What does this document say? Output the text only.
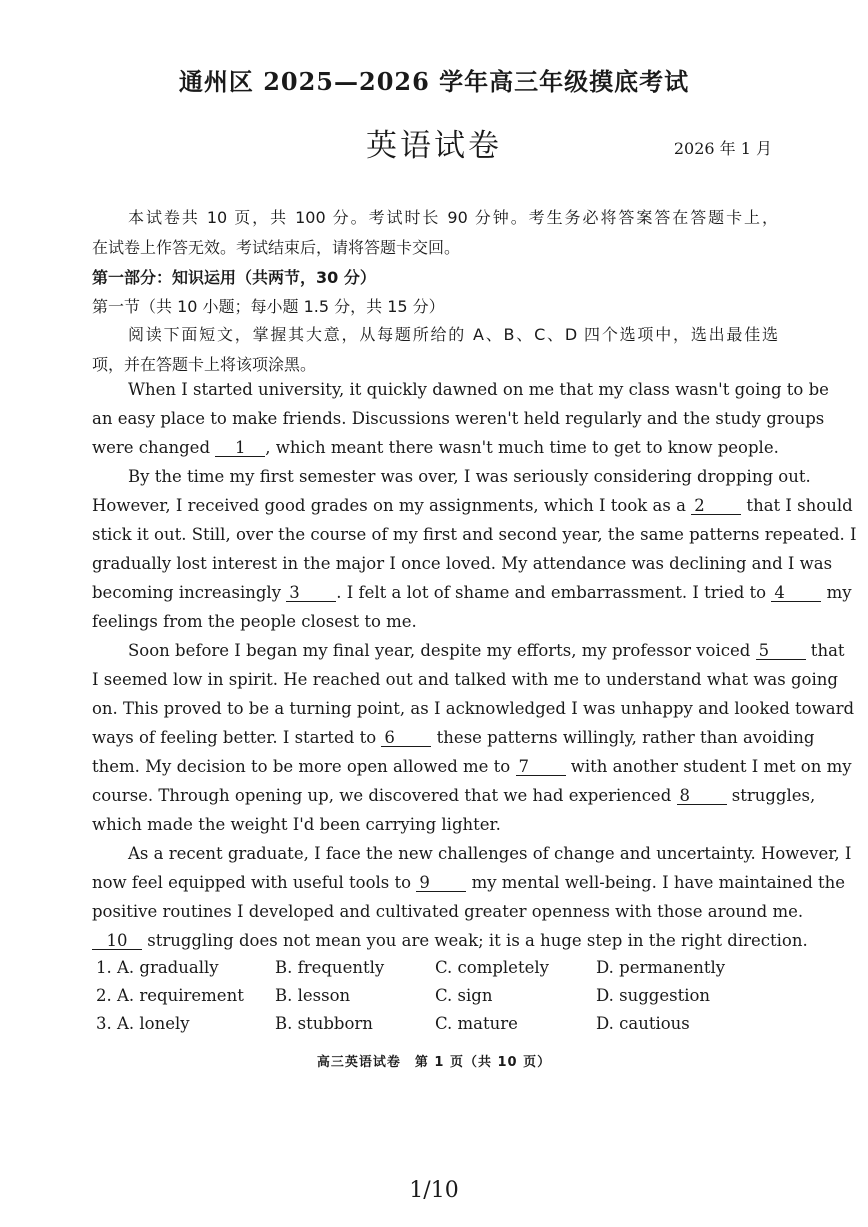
通州区 2025—2026 学年高三年级摸底考试
英语试卷	2026 年 1 月
本试卷共 10 页，共 100 分。考试时长 90 分钟。考生务必将答案答在答题卡上，
在试卷上作答无效。考试结束后，请将答题卡交回。
第一部分：知识运用（共两节，30 分）
第一节（共 10 小题；每小题 1.5 分，共 15 分）
阅读下面短文，掌握其大意，从每题所给的 A、B、C、D 四个选项中，选出最佳选
项，并在答题卡上将该项涂黑。
When I started university, it quickly dawned on me that my class wasn't going to be
an easy place to make friends. Discussions weren't held regularly and the study groups
were changed 1 , which meant there wasn't much time to get to know people.
By the time my first semester was over, I was seriously considering dropping out.
However, I received good grades on my assignments, which I took as a 2 that I should
stick it out. Still, over the course of my first and second year, the same patterns repeated. I
gradually lost interest in the major I once loved. My attendance was declining and I was
becoming increasingly 3 . I felt a lot of shame and embarrassment. I tried to 4 my
feelings from the people closest to me.
Soon before I began my final year, despite my efforts, my professor voiced 5 that
I seemed low in spirit. He reached out and talked with me to understand what was going
on. This proved to be a turning point, as I acknowledged I was unhappy and looked toward
ways of feeling better. I started to 6 these patterns willingly, rather than avoiding
them. My decision to be more open allowed me to 7 with another student I met on my
course. Through opening up, we discovered that we had experienced 8 struggles,
which made the weight I'd been carrying lighter.
As a recent graduate, I face the new challenges of change and uncertainty. However, I
now feel equipped with useful tools to 9 my mental well-being. I have maintained the
positive routines I developed and cultivated greater openness with those around me.
10 struggling does not mean you are weak; it is a huge step in the right direction.
1. A. gradually	B. frequently	C. completely	D. permanently
2. A. requirement B. lesson	C. sign	D. suggestion
3. A. lonely	B. stubborn	C. mature	D. cautious
高三英语试卷　第 1 页（共 10 页）
1/10
